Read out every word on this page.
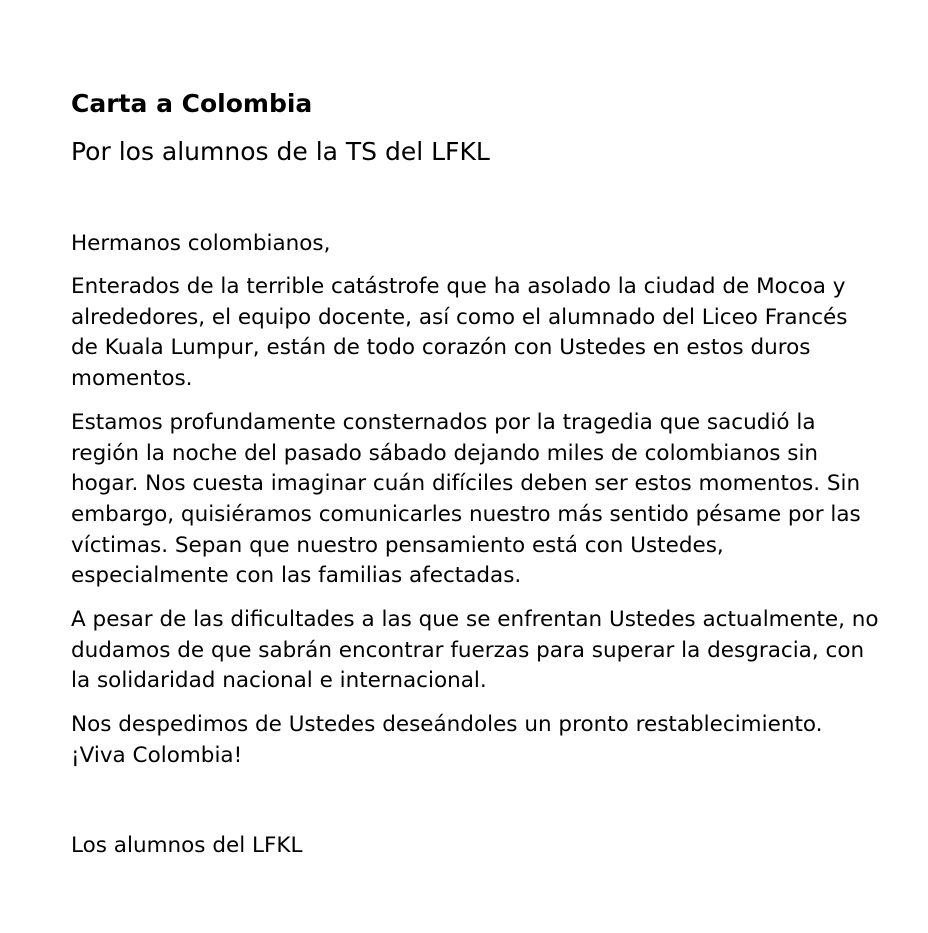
Carta a Colombia
Por los alumnos de la TS del LFKL

Hermanos colombianos,

Enterados de la terrible catástrofe que ha asolado la ciudad de Mocoa y alrededores, el equipo docente, así como el alumnado del Liceo Francés de Kuala Lumpur, están de todo corazón con Ustedes en estos duros momentos.

Estamos profundamente consternados por la tragedia que sacudió la región la noche del pasado sábado dejando miles de colombianos sin hogar. Nos cuesta imaginar cuán difíciles deben ser estos momentos. Sin embargo, quisiéramos comunicarles nuestro más sentido pésame por las víctimas. Sepan que nuestro pensamiento está con Ustedes, especialmente con las familias afectadas.

A pesar de las dificultades a las que se enfrentan Ustedes actualmente, no dudamos de que sabrán encontrar fuerzas para superar la desgracia, con la solidaridad nacional e internacional.

Nos despedimos de Ustedes deseándoles un pronto restablecimiento. ¡Viva Colombia!

Los alumnos del LFKL
